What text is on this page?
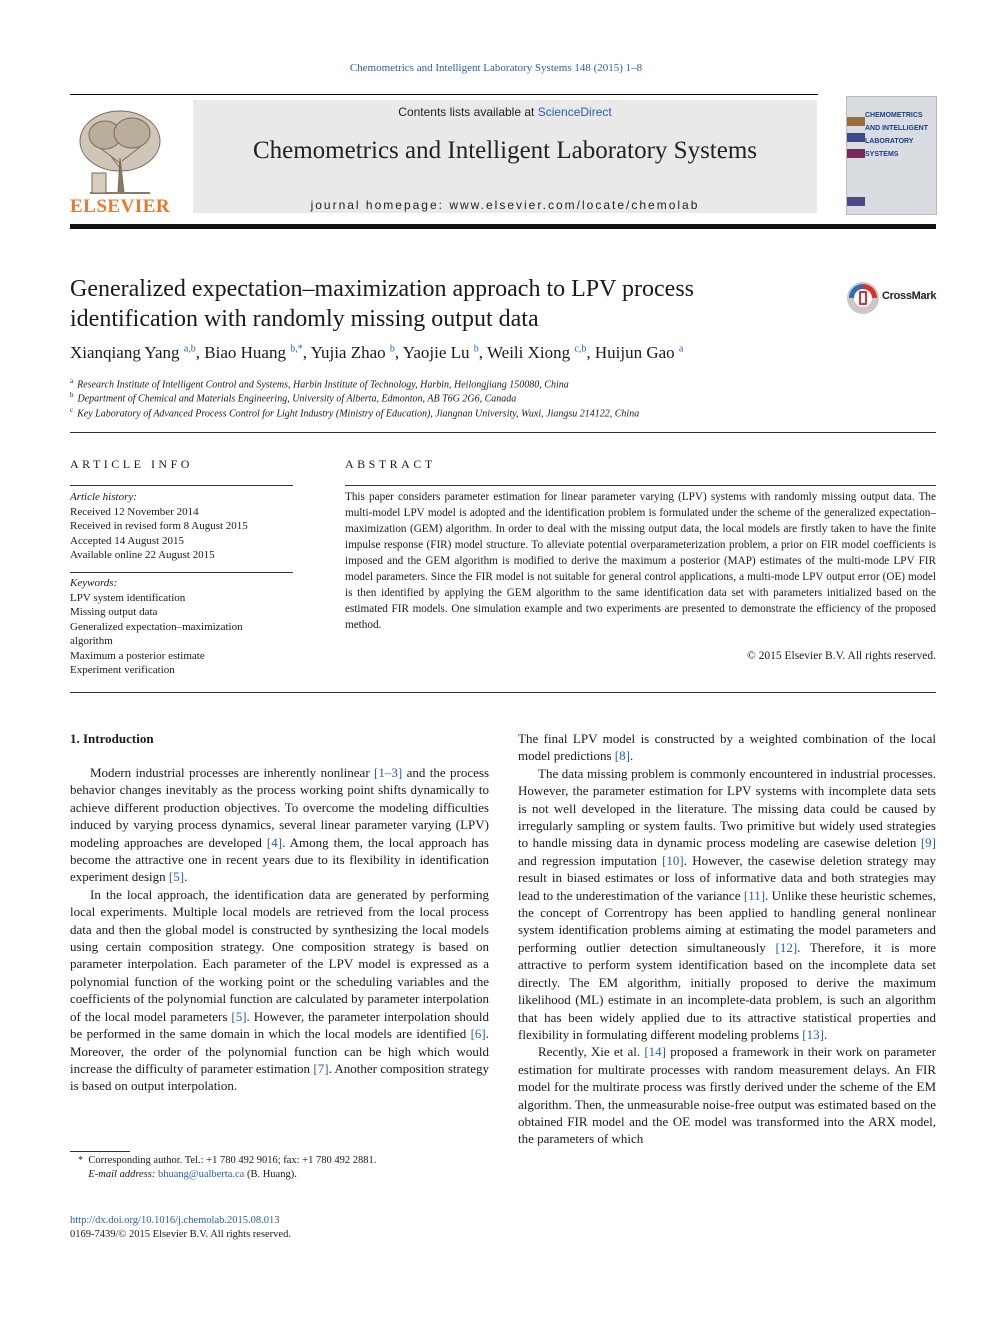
Chemometrics and Intelligent Laboratory Systems 148 (2015) 1–8
ELSEVIER
Contents lists available at ScienceDirect
Chemometrics and Intelligent Laboratory Systems
journal homepage: www.elsevier.com/locate/chemolab
CHEMOMETRICS
AND INTELLIGENT
LABORATORY
SYSTEMS
Generalized expectation–maximization approach to LPV process identification with randomly missing output data
CrossMark
Xianqiang Yang $^{a,b}$, Biao Huang $^{b,*}$, Yujia Zhao $^b$, Yaojie Lu $^b$, Weili Xiong $^{c,b}$, Huijun Gao $^a$
$^a$ Research Institute of Intelligent Control and Systems, Harbin Institute of Technology, Harbin, Heilongjiang 150080, China
$^b$ Department of Chemical and Materials Engineering, University of Alberta, Edmonton, AB T6G 2G6, Canada
$^c$ Key Laboratory of Advanced Process Control for Light Industry (Ministry of Education), Jiangnan University, Wuxi, Jiangsu 214122, China
ARTICLE INFO
Article history:
Received 12 November 2014
Received in revised form 8 August 2015
Accepted 14 August 2015
Available online 22 August 2015
Keywords:
LPV system identification
Missing output data
Generalized expectation–maximization
algorithm
Maximum a posterior estimate
Experiment verification
ABSTRACT
This paper considers parameter estimation for linear parameter varying (LPV) systems with randomly missing output data. The multi-model LPV model is adopted and the identification problem is formulated under the scheme of the generalized expectation–maximization (GEM) algorithm. In order to deal with the missing output data, the local models are firstly taken to have the finite impulse response (FIR) model structure. To alleviate potential overparameterization problem, a prior on FIR model coefficients is imposed and the GEM algorithm is modified to derive the maximum a posterior (MAP) estimates of the multi-mode LPV FIR model parameters. Since the FIR model is not suitable for general control applications, a multi-mode LPV output error (OE) model is then identified by applying the GEM algorithm to the same identification data set with parameters initialized based on the estimated FIR models. One simulation example and two experiments are presented to demonstrate the efficiency of the proposed method.
© 2015 Elsevier B.V. All rights reserved.
1. Introduction

Modern industrial processes are inherently nonlinear [1–3] and the process behavior changes inevitably as the process working point shifts dynamically to achieve different production objectives. To overcome the modeling difficulties induced by varying process dynamics, several linear parameter varying (LPV) modeling approaches are developed [4]. Among them, the local approach has become the attractive one in recent years due to its flexibility in identification experiment design [5].

In the local approach, the identification data are generated by performing local experiments. Multiple local models are retrieved from the local process data and then the global model is constructed by synthesizing the local models using certain composition strategy. One composition strategy is based on parameter interpolation. Each parameter of the LPV model is expressed as a polynomial function of the working point or the scheduling variables and the coefficients of the polynomial function are calculated by parameter interpolation of the local model parameters [5]. However, the parameter interpolation should be performed in the same domain in which the local models are identified [6]. Moreover, the order of the polynomial function can be high which would increase the difficulty of parameter estimation [7]. Another composition strategy is based on output interpolation.

The final LPV model is constructed by a weighted combination of the local model predictions [8].

The data missing problem is commonly encountered in industrial processes. However, the parameter estimation for LPV systems with incomplete data sets is not well developed in the literature. The missing data could be caused by irregularly sampling or system faults. Two primitive but widely used strategies to handle missing data in dynamic process modeling are casewise deletion [9] and regression imputation [10]. However, the casewise deletion strategy may result in biased estimates or loss of informative data and both strategies may lead to the underestimation of the variance [11]. Unlike these heuristic schemes, the concept of Correntropy has been applied to handling general nonlinear system identification problems aiming at estimating the model parameters and performing outlier detection simultaneously [12]. Therefore, it is more attractive to perform system identification based on the incomplete data set directly. The EM algorithm, initially proposed to derive the maximum likelihood (ML) estimate in an incomplete-data problem, is such an algorithm that has been widely applied due to its attractive statistical properties and flexibility in formulating different modeling problems [13].

Recently, Xie et al. [14] proposed a framework in their work on parameter estimation for multirate processes with random measurement delays. An FIR model for the multirate process was firstly derived under the scheme of the EM algorithm. Then, the unmeasurable noise-free output was estimated based on the obtained FIR model and the OE model was transformed into the ARX model, the parameters of which

* Corresponding author. Tel.: +1 780 492 9016; fax: +1 780 492 2881.
E-mail address: bhuang@ualberta.ca (B. Huang).
http://dx.doi.org/10.1016/j.chemolab.2015.08.013
0169-7439/© 2015 Elsevier B.V. All rights reserved.
